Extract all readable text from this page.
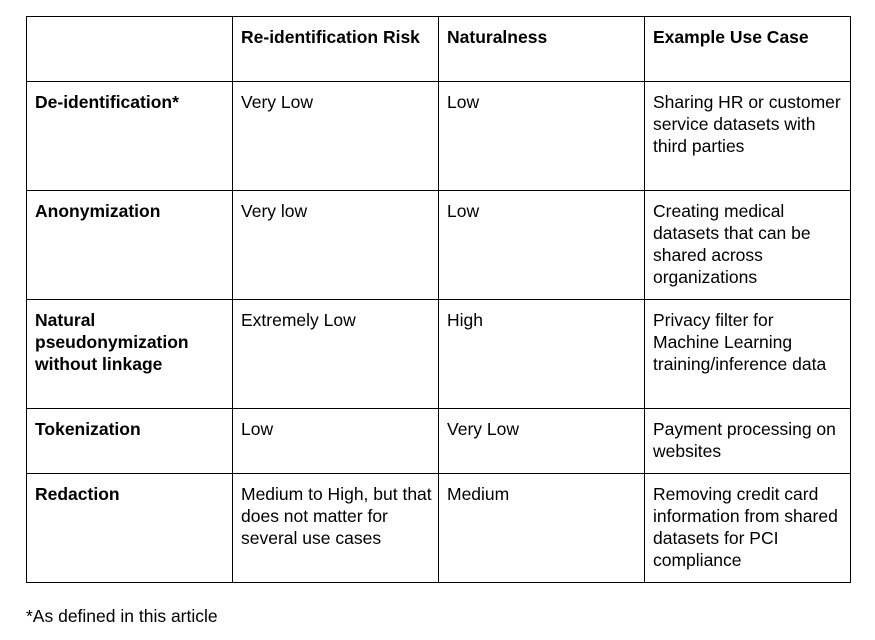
	Re-identification Risk	Naturalness	Example Use Case
De-identification*	Very Low	Low	Sharing HR or customer service datasets with third parties
Anonymization	Very low	Low	Creating medical datasets that can be shared across organizations
Natural pseudonymization without linkage	Extremely Low	High	Privacy filter for Machine Learning training/inference data
Tokenization	Low	Very Low	Payment processing on websites
Redaction	Medium to High, but that does not matter for several use cases	Medium	Removing credit card information from shared datasets for PCI compliance
*As defined in this article
